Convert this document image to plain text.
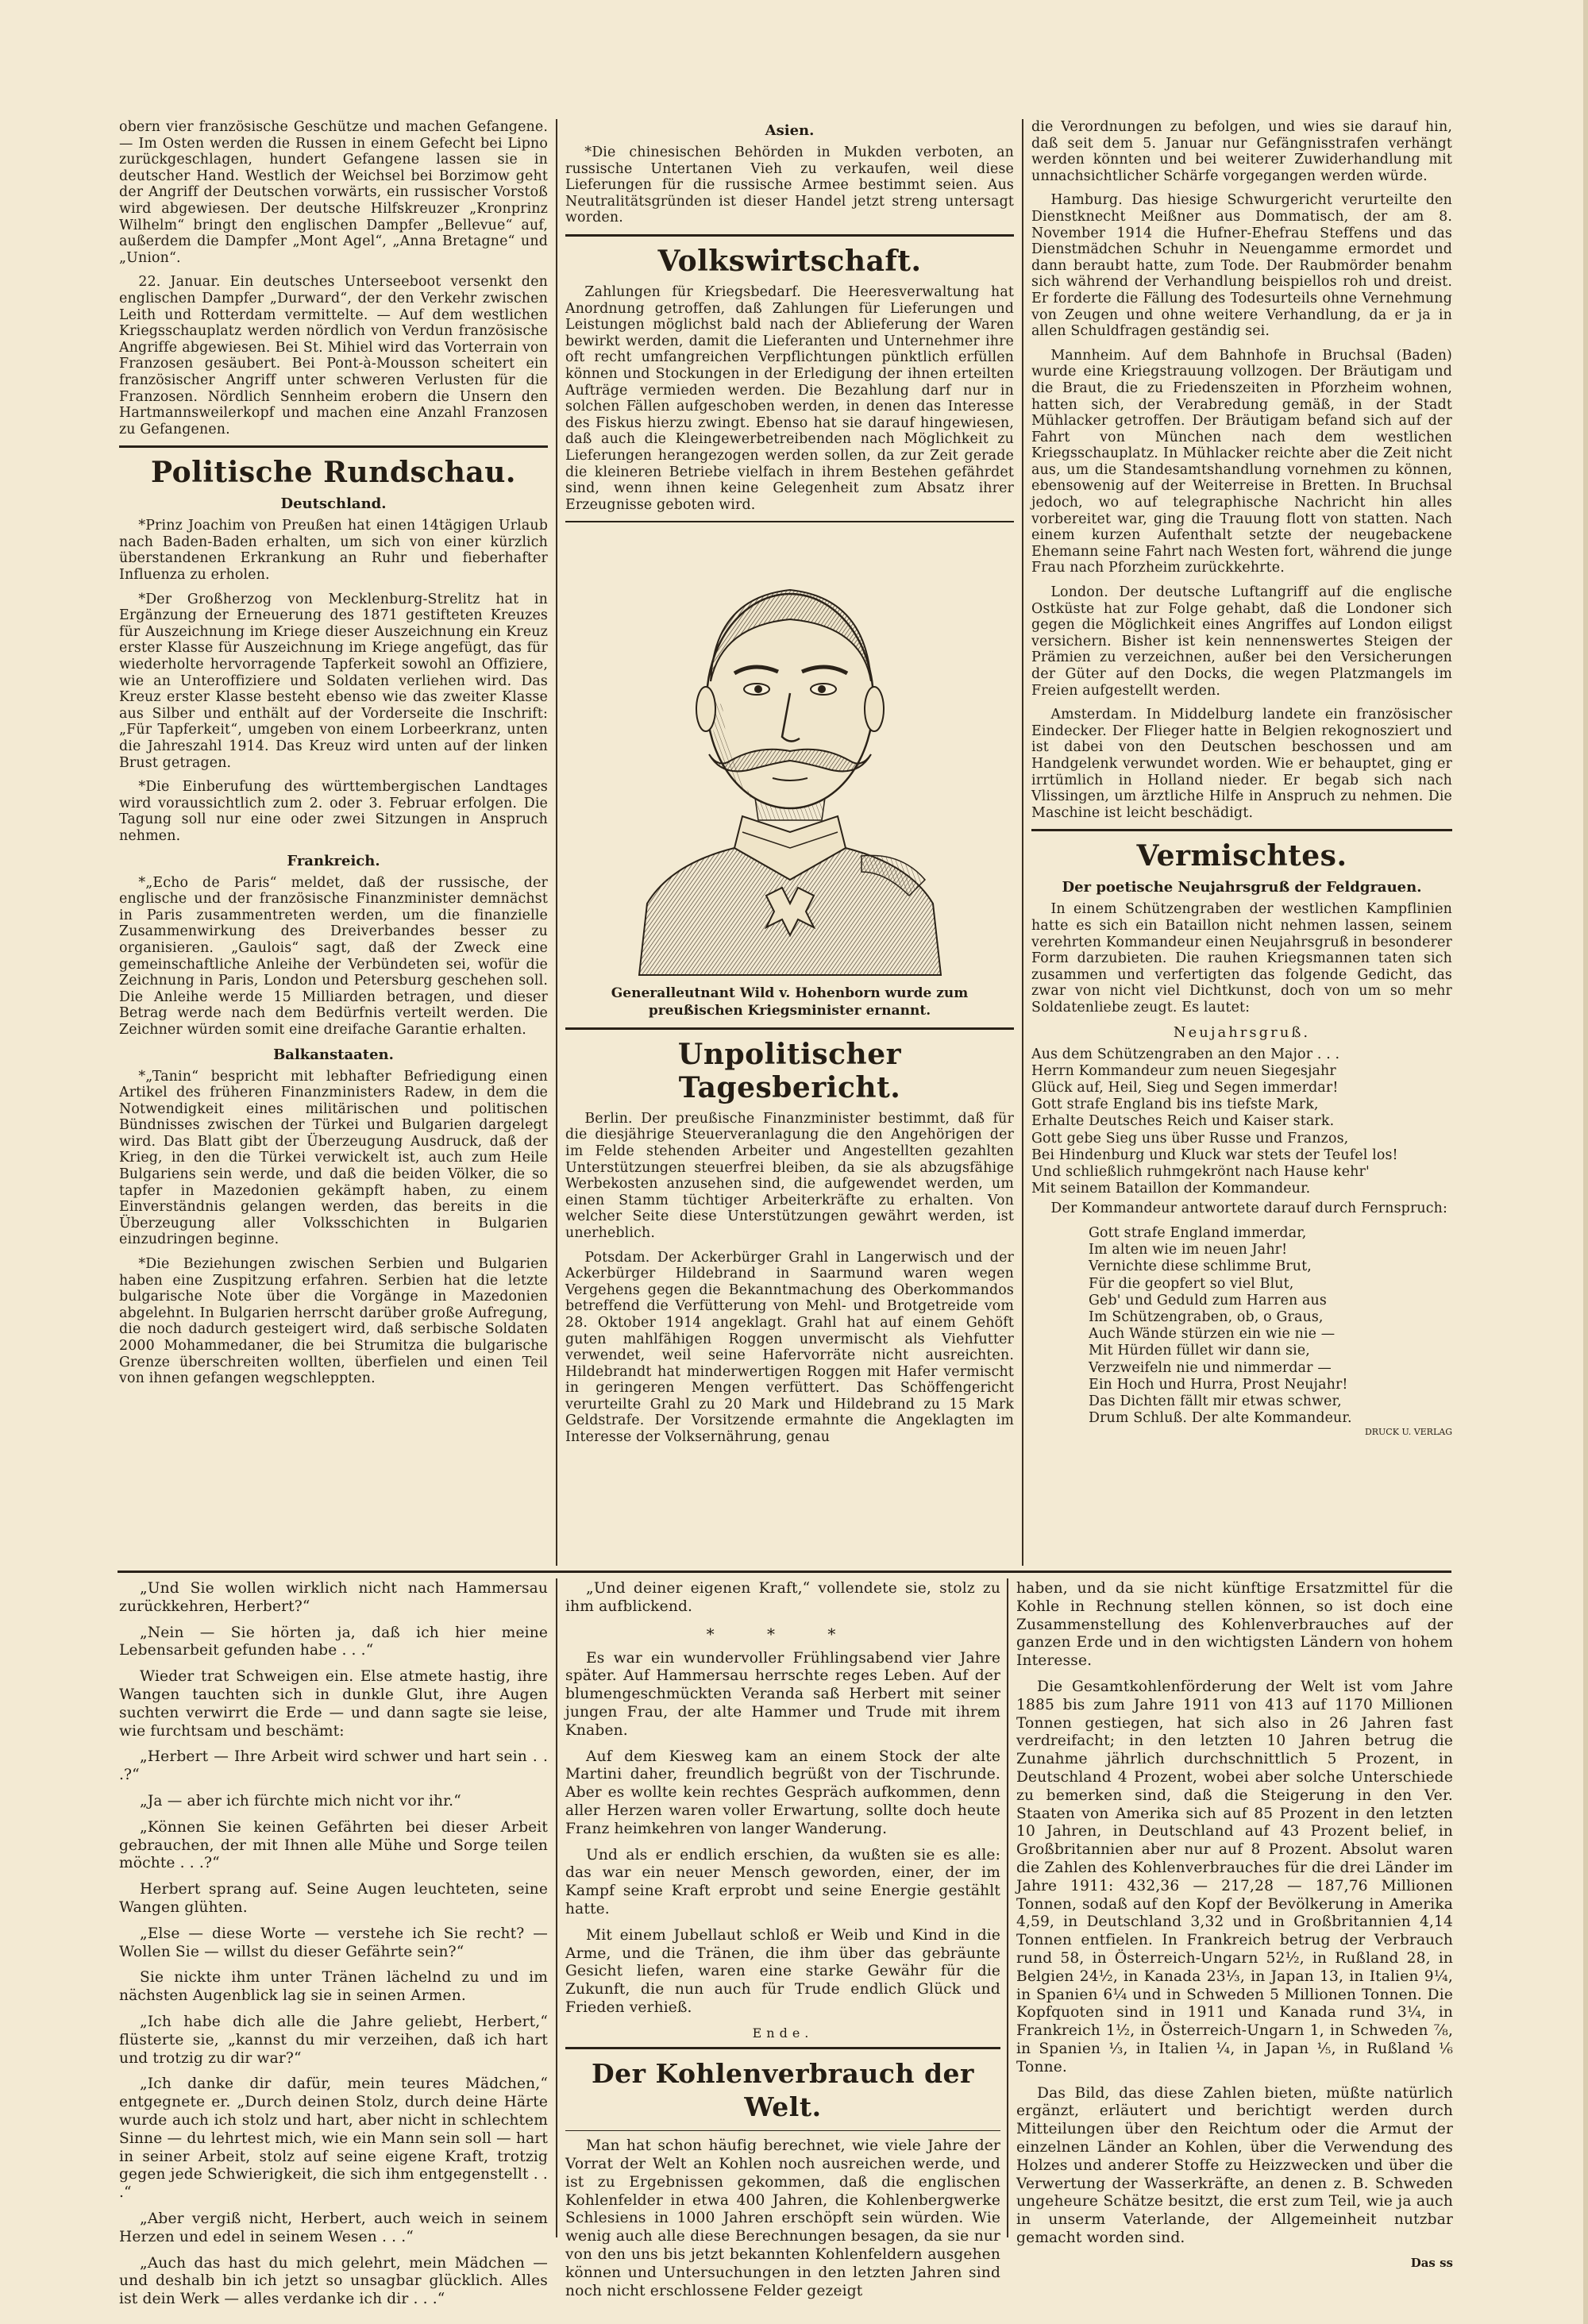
obern vier französische Geschütze und machen Gefangene. — Im Osten werden die Russen in einem Gefecht bei Lipno zurückgeschlagen, hundert Gefangene lassen sie in deutscher Hand. Westlich der Weichsel bei Borzimow geht der Angriff der Deutschen vorwärts, ein russischer Vorstoß wird abgewiesen. Der deutsche Hilfskreuzer „Kronprinz Wilhelm“ bringt den englischen Dampfer „Bellevue“ auf, außerdem die Dampfer „Mont Agel“, „Anna Bretagne“ und „Union“.

22. Januar. Ein deutsches Unterseeboot versenkt den englischen Dampfer „Durward“, der den Verkehr zwischen Leith und Rotterdam vermittelte. — Auf dem westlichen Kriegsschauplatz werden nördlich von Verdun französische Angriffe abgewiesen. Bei St. Mihiel wird das Vorterrain von Franzosen gesäubert. Bei Pont-à-Mousson scheitert ein französischer Angriff unter schweren Verlusten für die Franzosen. Nördlich Sennheim erobern die Unsern den Hartmannsweilerkopf und machen eine Anzahl Franzosen zu Gefangenen.

Politische Rundschau.
Deutschland.

*Prinz Joachim von Preußen hat einen 14tägigen Urlaub nach Baden-Baden erhalten, um sich von einer kürzlich überstandenen Erkrankung an Ruhr und fieberhafter Influenza zu erholen.

*Der Großherzog von Mecklenburg-Strelitz hat in Ergänzung der Erneuerung des 1871 gestifteten Kreuzes für Auszeichnung im Kriege dieser Auszeichnung ein Kreuz erster Klasse für Auszeichnung im Kriege angefügt, das für wiederholte hervorragende Tapferkeit sowohl an Offiziere, wie an Unteroffiziere und Soldaten verliehen wird. Das Kreuz erster Klasse besteht ebenso wie das zweiter Klasse aus Silber und enthält auf der Vorderseite die Inschrift: „Für Tapferkeit“, umgeben von einem Lorbeerkranz, unten die Jahreszahl 1914. Das Kreuz wird unten auf der linken Brust getragen.

*Die Einberufung des württembergischen Landtages wird voraussichtlich zum 2. oder 3. Februar erfolgen. Die Tagung soll nur eine oder zwei Sitzungen in Anspruch nehmen.

Frankreich.

*„Echo de Paris“ meldet, daß der russische, der englische und der französische Finanzminister demnächst in Paris zusammentreten werden, um die finanzielle Zusammenwirkung des Dreiverbandes besser zu organisieren. „Gaulois“ sagt, daß der Zweck eine gemeinschaftliche Anleihe der Verbündeten sei, wofür die Zeichnung in Paris, London und Petersburg geschehen soll. Die Anleihe werde 15 Milliarden betragen, und dieser Betrag werde nach dem Bedürfnis verteilt werden. Die Zeichner würden somit eine dreifache Garantie erhalten.

Balkanstaaten.

*„Tanin“ bespricht mit lebhafter Befriedigung einen Artikel des früheren Finanzministers Radew, in dem die Notwendigkeit eines militärischen und politischen Bündnisses zwischen der Türkei und Bulgarien dargelegt wird. Das Blatt gibt der Überzeugung Ausdruck, daß der Krieg, in den die Türkei verwickelt ist, auch zum Heile Bulgariens sein werde, und daß die beiden Völker, die so tapfer in Mazedonien gekämpft haben, zu einem Einverständnis gelangen werden, das bereits in die Überzeugung aller Volksschichten in Bulgarien einzudringen beginne.

*Die Beziehungen zwischen Serbien und Bulgarien haben eine Zuspitzung erfahren. Serbien hat die letzte bulgarische Note über die Vorgänge in Mazedonien abgelehnt. In Bulgarien herrscht darüber große Aufregung, die noch dadurch gesteigert wird, daß serbische Soldaten 2000 Mohammedaner, die bei Strumitza die bulgarische Grenze überschreiten wollten, überfielen und einen Teil von ihnen gefangen wegschleppten.

Asien.

*Die chinesischen Behörden in Mukden verboten, an russische Untertanen Vieh zu verkaufen, weil diese Lieferungen für die russische Armee bestimmt seien. Aus Neutralitätsgründen ist dieser Handel jetzt streng untersagt worden.

Volkswirtschaft.

Zahlungen für Kriegsbedarf. Die Heeresverwaltung hat Anordnung getroffen, daß Zahlungen für Lieferungen und Leistungen möglichst bald nach der Ablieferung der Waren bewirkt werden, damit die Lieferanten und Unternehmer ihre oft recht umfangreichen Verpflichtungen pünktlich erfüllen können und Stockungen in der Erledigung der ihnen erteilten Aufträge vermieden werden. Die Bezahlung darf nur in solchen Fällen aufgeschoben werden, in denen das Interesse des Fiskus hierzu zwingt. Ebenso hat sie darauf hingewiesen, daß auch die Kleingewerbetreibenden nach Möglichkeit zu Lieferungen herangezogen werden sollen, da zur Zeit gerade die kleineren Betriebe vielfach in ihrem Bestehen gefährdet sind, wenn ihnen keine Gelegenheit zum Absatz ihrer Erzeugnisse geboten wird.

Generalleutnant Wild v. Hohenborn wurde zum preußischen Kriegsminister ernannt.
Unpolitischer Tagesbericht.

Berlin. Der preußische Finanzminister bestimmt, daß für die diesjährige Steuerveranlagung die den Angehörigen der im Felde stehenden Arbeiter und Angestellten gezahlten Unterstützungen steuerfrei bleiben, da sie als abzugsfähige Werbekosten anzusehen sind, die aufgewendet werden, um einen Stamm tüchtiger Arbeiterkräfte zu erhalten. Von welcher Seite diese Unterstützungen gewährt werden, ist unerheblich.

Potsdam. Der Ackerbürger Grahl in Langerwisch und der Ackerbürger Hildebrand in Saarmund waren wegen Vergehens gegen die Bekanntmachung des Oberkommandos betreffend die Verfütterung von Mehl- und Brotgetreide vom 28. Oktober 1914 angeklagt. Grahl hat auf einem Gehöft guten mahlfähigen Roggen unvermischt als Viehfutter verwendet, weil seine Hafervorräte nicht ausreichten. Hildebrandt hat minderwertigen Roggen mit Hafer vermischt in geringeren Mengen verfüttert. Das Schöffengericht verurteilte Grahl zu 20 Mark und Hildebrand zu 15 Mark Geldstrafe. Der Vorsitzende ermahnte die Angeklagten im Interesse der Volksernährung, genau

die Verordnungen zu befolgen, und wies sie darauf hin, daß seit dem 5. Januar nur Gefängnisstrafen verhängt werden könnten und bei weiterer Zuwiderhandlung mit unnachsichtlicher Schärfe vorgegangen werden würde.

Hamburg. Das hiesige Schwurgericht verurteilte den Dienstknecht Meißner aus Dommatisch, der am 8. November 1914 die Hufner-Ehefrau Steffens und das Dienstmädchen Schuhr in Neuengamme ermordet und dann beraubt hatte, zum Tode. Der Raubmörder benahm sich während der Verhandlung beispiellos roh und dreist. Er forderte die Fällung des Todesurteils ohne Vernehmung von Zeugen und ohne weitere Verhandlung, da er ja in allen Schuldfragen geständig sei.

Mannheim. Auf dem Bahnhofe in Bruchsal (Baden) wurde eine Kriegstrauung vollzogen. Der Bräutigam und die Braut, die zu Friedenszeiten in Pforzheim wohnen, hatten sich, der Verabredung gemäß, in der Stadt Mühlacker getroffen. Der Bräutigam befand sich auf der Fahrt von München nach dem westlichen Kriegsschauplatz. In Mühlacker reichte aber die Zeit nicht aus, um die Standesamtshandlung vornehmen zu können, ebensowenig auf der Weiterreise in Bretten. In Bruchsal jedoch, wo auf telegraphische Nachricht hin alles vorbereitet war, ging die Trauung flott von statten. Nach einem kurzen Aufenthalt setzte der neugebackene Ehemann seine Fahrt nach Westen fort, während die junge Frau nach Pforzheim zurückkehrte.

London. Der deutsche Luftangriff auf die englische Ostküste hat zur Folge gehabt, daß die Londoner sich gegen die Möglichkeit eines Angriffes auf London eiligst versichern. Bisher ist kein nennenswertes Steigen der Prämien zu verzeichnen, außer bei den Versicherungen der Güter auf den Docks, die wegen Platzmangels im Freien aufgestellt werden.

Amsterdam. In Middelburg landete ein französischer Eindecker. Der Flieger hatte in Belgien rekognosziert und ist dabei von den Deutschen beschossen und am Handgelenk verwundet worden. Wie er behauptet, ging er irrtümlich in Holland nieder. Er begab sich nach Vlissingen, um ärztliche Hilfe in Anspruch zu nehmen. Die Maschine ist leicht beschädigt.

Vermischtes.
Der poetische Neujahrsgruß der Feldgrauen.

In einem Schützengraben der westlichen Kampflinien hatte es sich ein Bataillon nicht nehmen lassen, seinem verehrten Kommandeur einen Neujahrsgruß in besonderer Form darzubieten. Die rauhen Kriegsmannen taten sich zusammen und verfertigten das folgende Gedicht, das zwar von nicht viel Dichtkunst, doch von um so mehr Soldatenliebe zeugt. Es lautet:

Neujahrsgruß.

Aus dem Schützengraben an den Major . . .

Herrn Kommandeur zum neuen Siegesjahr

Glück auf, Heil, Sieg und Segen immerdar!

Gott strafe England bis ins tiefste Mark,

Erhalte Deutsches Reich und Kaiser stark.

Gott gebe Sieg uns über Russe und Franzos,

Bei Hindenburg und Kluck war stets der Teufel los!

Und schließlich ruhmgekrönt nach Hause kehr'

Mit seinem Bataillon der Kommandeur.

Der Kommandeur antwortete darauf durch Fernspruch:

Gott strafe England immerdar,

Im alten wie im neuen Jahr!

Vernichte diese schlimme Brut,

Für die geopfert so viel Blut,

Geb' und Geduld zum Harren aus

Im Schützengraben, ob, o Graus,

Auch Wände stürzen ein wie nie —

Mit Hürden füllet wir dann sie,

Verzweifeln nie und nimmerdar —

Ein Hoch und Hurra, Prost Neujahr!

Das Dichten fällt mir etwas schwer,

Drum Schluß. Der alte Kommandeur.

DRUCK U. VERLAG

„Und Sie wollen wirklich nicht nach Hammersau zurückkehren, Herbert?“

„Nein — Sie hörten ja, daß ich hier meine Lebensarbeit gefunden habe . . .“

Wieder trat Schweigen ein. Else atmete hastig, ihre Wangen tauchten sich in dunkle Glut, ihre Augen suchten verwirrt die Erde — und dann sagte sie leise, wie furchtsam und beschämt:

„Herbert — Ihre Arbeit wird schwer und hart sein . . .?“

„Ja — aber ich fürchte mich nicht vor ihr.“

„Können Sie keinen Gefährten bei dieser Arbeit gebrauchen, der mit Ihnen alle Mühe und Sorge teilen möchte . . .?“

Herbert sprang auf. Seine Augen leuchteten, seine Wangen glühten.

„Else — diese Worte — verstehe ich Sie recht? — Wollen Sie — willst du dieser Gefährte sein?“

Sie nickte ihm unter Tränen lächelnd zu und im nächsten Augenblick lag sie in seinen Armen.

„Ich habe dich alle die Jahre geliebt, Herbert,“ flüsterte sie, „kannst du mir verzeihen, daß ich hart und trotzig zu dir war?“

„Ich danke dir dafür, mein teures Mädchen,“ entgegnete er. „Durch deinen Stolz, durch deine Härte wurde auch ich stolz und hart, aber nicht in schlechtem Sinne — du lehrtest mich, wie ein Mann sein soll — hart in seiner Arbeit, stolz auf seine eigene Kraft, trotzig gegen jede Schwierigkeit, die sich ihm entgegenstellt . . .“

„Aber vergiß nicht, Herbert, auch weich in seinem Herzen und edel in seinem Wesen . . .“

„Auch das hast du mich gelehrt, mein Mädchen — und deshalb bin ich jetzt so unsagbar glücklich. Alles ist dein Werk — alles verdanke ich dir . . .“

„Und deiner eigenen Kraft,“ vollendete sie, stolz zu ihm aufblickend.

* * *

Es war ein wundervoller Frühlingsabend vier Jahre später. Auf Hammersau herrschte reges Leben. Auf der blumengeschmückten Veranda saß Herbert mit seiner jungen Frau, der alte Hammer und Trude mit ihrem Knaben.

Auf dem Kiesweg kam an einem Stock der alte Martini daher, freundlich begrüßt von der Tischrunde. Aber es wollte kein rechtes Gespräch aufkommen, denn aller Herzen waren voller Erwartung, sollte doch heute Franz heimkehren von langer Wanderung.

Und als er endlich erschien, da wußten sie es alle: das war ein neuer Mensch geworden, einer, der im Kampf seine Kraft erprobt und seine Energie gestählt hatte.

Mit einem Jubellaut schloß er Weib und Kind in die Arme, und die Tränen, die ihm über das gebräunte Gesicht liefen, waren eine starke Gewähr für die Zukunft, die nun auch für Trude endlich Glück und Frieden verhieß.

Ende.
Der Kohlenverbrauch der Welt.

Man hat schon häufig berechnet, wie viele Jahre der Vorrat der Welt an Kohlen noch ausreichen werde, und ist zu Ergebnissen gekommen, daß die englischen Kohlenfelder in etwa 400 Jahren, die Kohlenbergwerke Schlesiens in 1000 Jahren erschöpft sein würden. Wie wenig auch alle diese Berechnungen besagen, da sie nur von den uns bis jetzt bekannten Kohlenfeldern ausgehen können und Untersuchungen in den letzten Jahren sind noch nicht erschlossene Felder gezeigt

haben, und da sie nicht künftige Ersatzmittel für die Kohle in Rechnung stellen können, so ist doch eine Zusammenstellung des Kohlenverbrauches auf der ganzen Erde und in den wichtigsten Ländern von hohem Interesse.

Die Gesamtkohlenförderung der Welt ist vom Jahre 1885 bis zum Jahre 1911 von 413 auf 1170 Millionen Tonnen gestiegen, hat sich also in 26 Jahren fast verdreifacht; in den letzten 10 Jahren betrug die Zunahme jährlich durchschnittlich 5 Prozent, in Deutschland 4 Prozent, wobei aber solche Unterschiede zu bemerken sind, daß die Steigerung in den Ver. Staaten von Amerika sich auf 85 Prozent in den letzten 10 Jahren, in Deutschland auf 43 Prozent belief, in Großbritannien aber nur auf 8 Prozent. Absolut waren die Zahlen des Kohlenverbrauches für die drei Länder im Jahre 1911: 432,36 — 217,28 — 187,76 Millionen Tonnen, sodaß auf den Kopf der Bevölkerung in Amerika 4,59, in Deutschland 3,32 und in Großbritannien 4,14 Tonnen entfielen. In Frankreich betrug der Verbrauch rund 58, in Österreich-Ungarn 52½, in Rußland 28, in Belgien 24½, in Kanada 23⅓, in Japan 13, in Italien 9¼, in Spanien 6¼ und in Schweden 5 Millionen Tonnen. Die Kopfquoten sind in 1911 und Kanada rund 3¼, in Frankreich 1½, in Österreich-Ungarn 1, in Schweden ⅞, in Spanien ⅓, in Italien ¼, in Japan ⅕, in Rußland ⅙ Tonne.

Das Bild, das diese Zahlen bieten, müßte natürlich ergänzt, erläutert und berichtigt werden durch Mitteilungen über den Reichtum oder die Armut der einzelnen Länder an Kohlen, über die Verwendung des Holzes und anderer Stoffe zu Heizzwecken und über die Verwertung der Wasserkräfte, an denen z. B. Schweden ungeheure Schätze besitzt, die erst zum Teil, wie ja auch in unserm Vaterlande, der Allgemeinheit nutzbar gemacht worden sind.

Das ss
